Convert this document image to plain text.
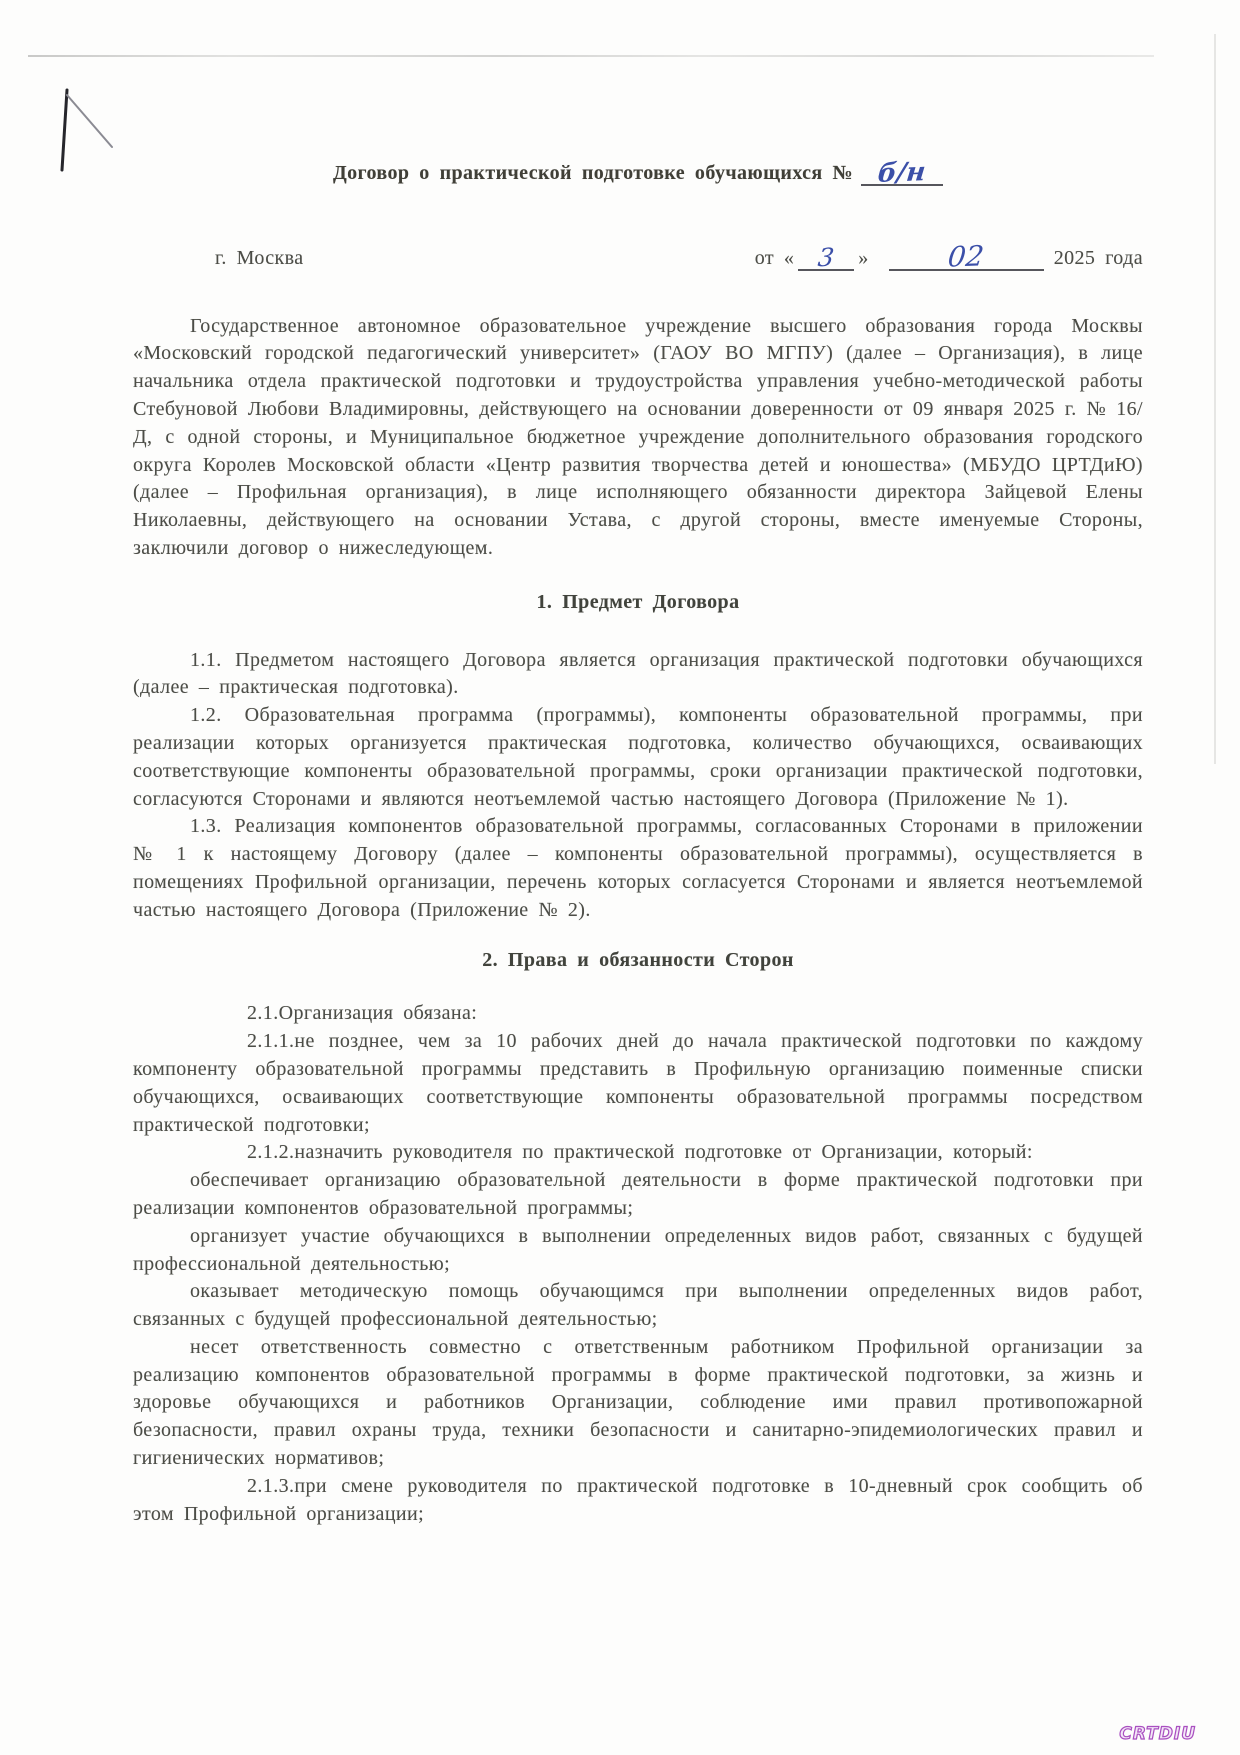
Договор о практической подготовке обучающихся № б/н
г. Москва	от « 3 »	02	2025 года

Государственное автономное образовательное учреждение высшего образования города Москвы «Московский городской педагогический университет» (ГАОУ ВО МГПУ) (далее – Организация), в лице начальника отдела практической подготовки и трудоустройства управления учебно-методической работы Стебуновой Любови Владимировны, действующего на основании доверенности от 09 января 2025 г. № 16/Д, с одной стороны, и Муниципальное бюджетное учреждение дополнительного образования городского округа Королев Московской области «Центр развития творчества детей и юношества» (МБУДО ЦРТДиЮ) (далее – Профильная организация), в лице исполняющего обязанности директора Зайцевой Елены Николаевны, действующего на основании Устава, с другой стороны, вместе именуемые Стороны, заключили договор о нижеследующем.

1. Предмет Договора

1.1. Предметом настоящего Договора является организация практической подготовки обучающихся (далее – практическая подготовка).

1.2. Образовательная программа (программы), компоненты образовательной программы, при реализации которых организуется практическая подготовка, количество обучающихся, осваивающих соответствующие компоненты образовательной программы, сроки организации практической подготовки, согласуются Сторонами и являются неотъемлемой частью настоящего Договора (Приложение № 1).

1.3. Реализация компонентов образовательной программы, согласованных Сторонами в приложении № 1 к настоящему Договору (далее – компоненты образовательной программы), осуществляется в помещениях Профильной организации, перечень которых согласуется Сторонами и является неотъемлемой частью настоящего Договора (Приложение № 2).

2. Права и обязанности Сторон

2.1.Организация обязана:

2.1.1.не позднее, чем за 10 рабочих дней до начала практической подготовки по каждому компоненту образовательной программы представить в Профильную организацию поименные списки обучающихся, осваивающих соответствующие компоненты образовательной программы посредством практической подготовки;

2.1.2.назначить руководителя по практической подготовке от Организации, который:

обеспечивает организацию образовательной деятельности в форме практической подготовки при реализации компонентов образовательной программы;

организует участие обучающихся в выполнении определенных видов работ, связанных с будущей профессиональной деятельностью;

оказывает методическую помощь обучающимся при выполнении определенных видов работ, связанных с будущей профессиональной деятельностью;

несет ответственность совместно с ответственным работником Профильной организации за реализацию компонентов образовательной программы в форме практической подготовки, за жизнь и здоровье обучающихся и работников Организации, соблюдение ими правил противопожарной безопасности, правил охраны труда, техники безопасности и санитарно-эпидемиологических правил и гигиенических нормативов;

2.1.3.при смене руководителя по практической подготовке в 10-дневный срок сообщить об этом Профильной организации;

CRTDIU
